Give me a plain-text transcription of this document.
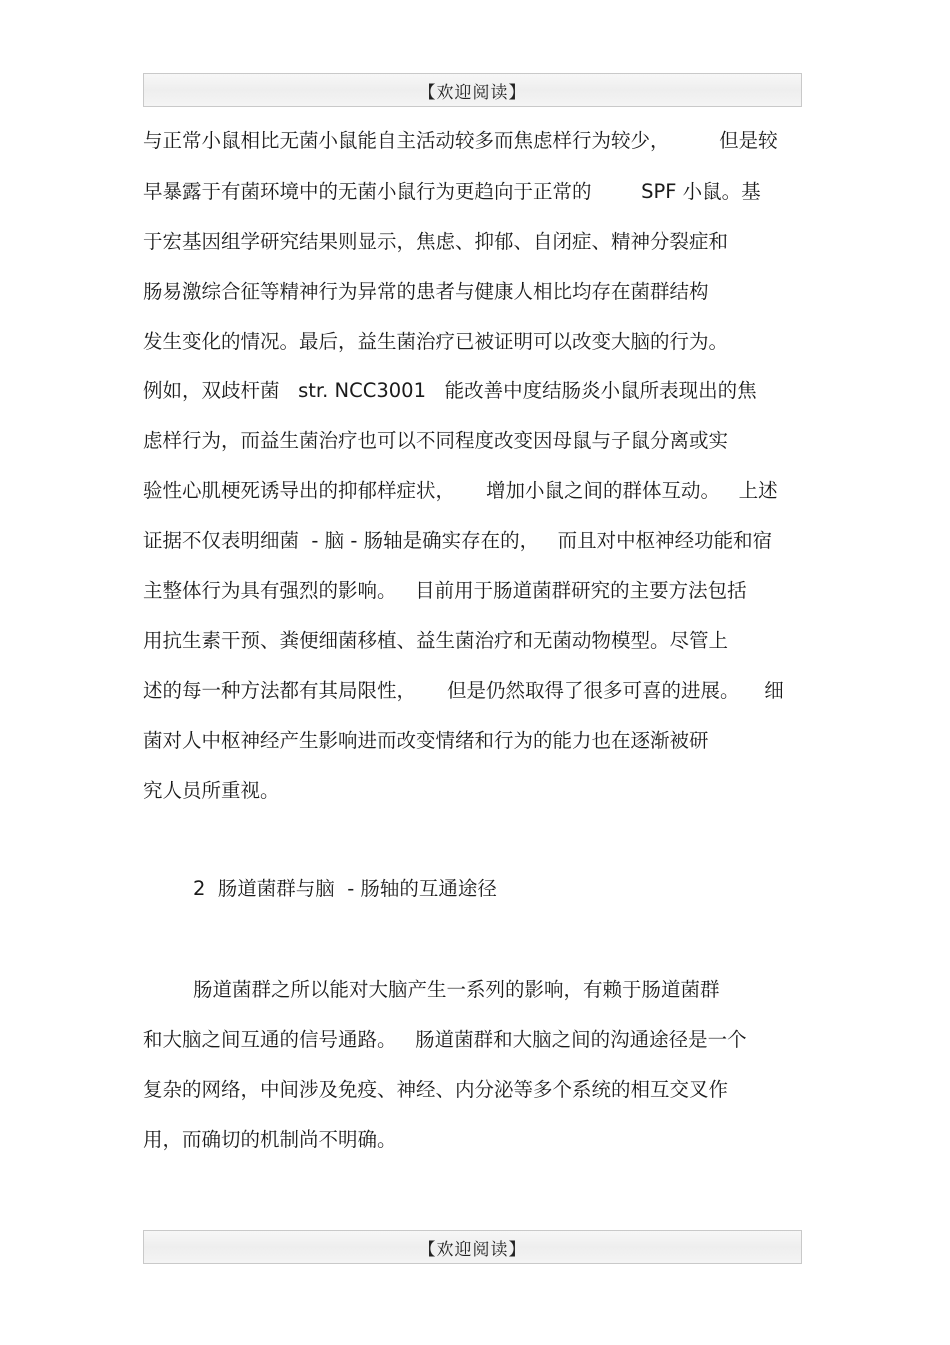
【欢迎阅读】
与正常小鼠相比无菌小鼠能自主活动较多而焦虑样行为较少，        但是较
早暴露于有菌环境中的无菌小鼠行为更趋向于正常的        SPF 小鼠。基
于宏基因组学研究结果则显示，焦虑、抑郁、自闭症、精神分裂症和
肠易激综合征等精神行为异常的患者与健康人相比均存在菌群结构
发生变化的情况。最后，益生菌治疗已被证明可以改变大脑的行为。
例如，双歧杆菌   str. NCC3001   能改善中度结肠炎小鼠所表现出的焦
虑样行为，而益生菌治疗也可以不同程度改变因母鼠与子鼠分离或实
验性心肌梗死诱导出的抑郁样症状，     增加小鼠之间的群体互动。   上述
证据不仅表明细菌  - 脑 - 肠轴是确实存在的，   而且对中枢神经功能和宿
主整体行为具有强烈的影响。   目前用于肠道菌群研究的主要方法包括
用抗生素干预、粪便细菌移植、益生菌治疗和无菌动物模型。尽管上
述的每一种方法都有其局限性，     但是仍然取得了很多可喜的进展。    细
菌对人中枢神经产生影响进而改变情绪和行为的能力也在逐渐被研
究人员所重视。
2  肠道菌群与脑  - 肠轴的互通途径
肠道菌群之所以能对大脑产生一系列的影响，有赖于肠道菌群
和大脑之间互通的信号通路。   肠道菌群和大脑之间的沟通途径是一个
复杂的网络，中间涉及免疫、神经、内分泌等多个系统的相互交叉作
用，而确切的机制尚不明确。
【欢迎阅读】
